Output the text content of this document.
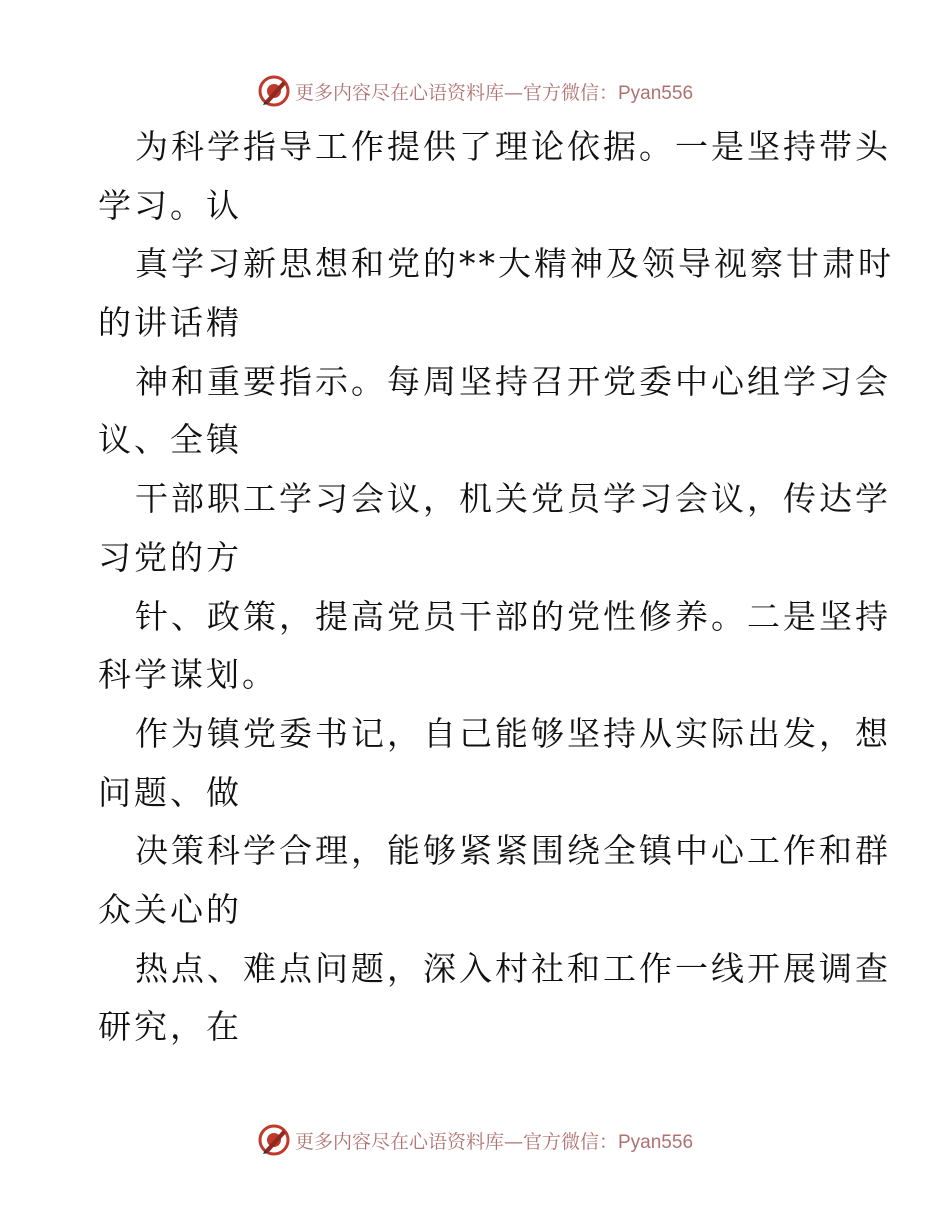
更多内容尽在心语资料库—官方微信：Pyan556
为科学指导工作提供了理论依据。一是坚持带头
学习。认
真学习新思想和党的**大精神及领导视察甘肃时
的讲话精
神和重要指示。每周坚持召开党委中心组学习会
议、全镇
干部职工学习会议，机关党员学习会议，传达学
习党的方
针、政策，提高党员干部的党性修养。二是坚持
科学谋划。
作为镇党委书记，自己能够坚持从实际出发，想
问题、做
决策科学合理，能够紧紧围绕全镇中心工作和群
众关心的
热点、难点问题，深入村社和工作一线开展调查
研究，在
更多内容尽在心语资料库—官方微信：Pyan556
